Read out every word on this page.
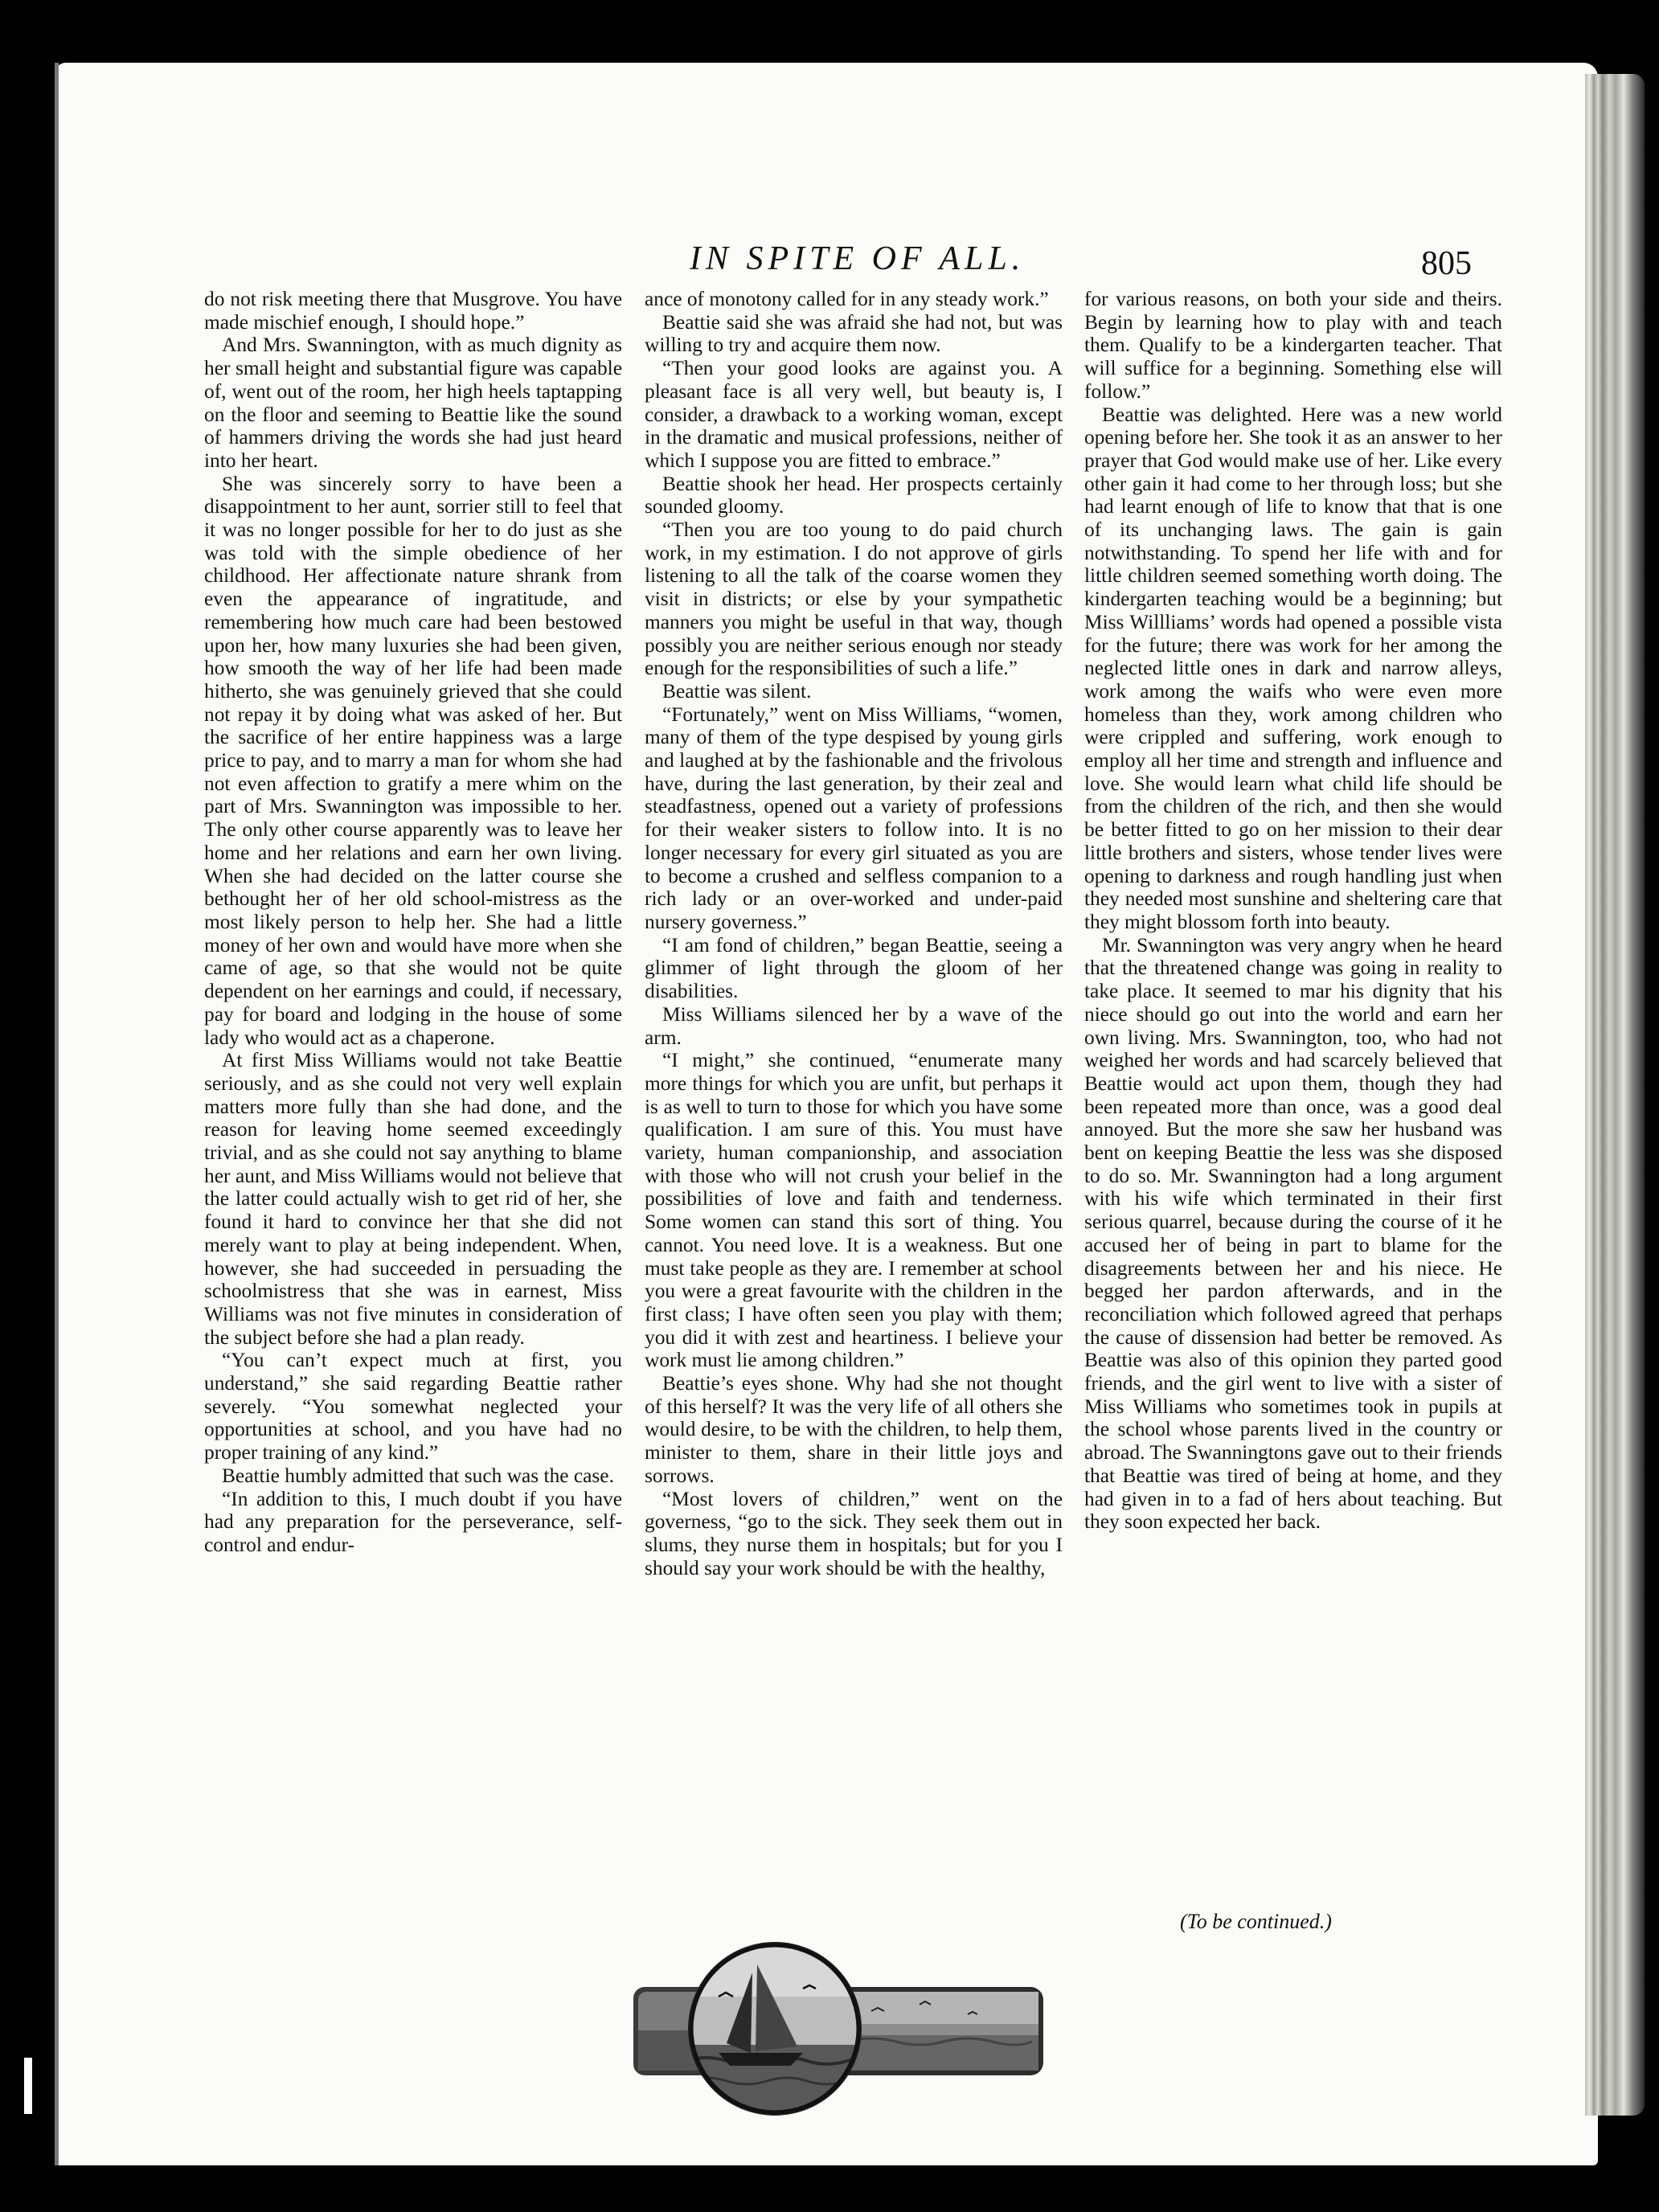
IN SPITE OF ALL.	805

do not risk meeting there that Musgrove. You have made mischief enough, I should hope.”

And Mrs. Swannington, with as much dignity as her small height and substantial figure was capable of, went out of the room, her high heels taptapping on the floor and seeming to Beattie like the sound of hammers driving the words she had just heard into her heart.

She was sincerely sorry to have been a disappointment to her aunt, sorrier still to feel that it was no longer possible for her to do just as she was told with the simple obedience of her childhood. Her affectionate nature shrank from even the appearance of ingratitude, and remembering how much care had been bestowed upon her, how many luxuries she had been given, how smooth the way of her life had been made hitherto, she was genuinely grieved that she could not repay it by doing what was asked of her. But the sacrifice of her entire happiness was a large price to pay, and to marry a man for whom she had not even affection to gratify a mere whim on the part of Mrs. Swannington was impossible to her. The only other course apparently was to leave her home and her relations and earn her own living. When she had decided on the latter course she bethought her of her old school-mistress as the most likely person to help her. She had a little money of her own and would have more when she came of age, so that she would not be quite dependent on her earnings and could, if necessary, pay for board and lodging in the house of some lady who would act as a chaperone.

At first Miss Williams would not take Beattie seriously, and as she could not very well explain matters more fully than she had done, and the reason for leaving home seemed exceedingly trivial, and as she could not say anything to blame her aunt, and Miss Williams would not believe that the latter could actually wish to get rid of her, she found it hard to convince her that she did not merely want to play at being independent. When, however, she had succeeded in persuading the schoolmistress that she was in earnest, Miss Williams was not five minutes in consideration of the subject before she had a plan ready.

“You can’t expect much at first, you understand,” she said regarding Beattie rather severely. “You somewhat neglected your opportunities at school, and you have had no proper training of any kind.”

Beattie humbly admitted that such was the case.

“In addition to this, I much doubt if you have had any preparation for the perseverance, self-control and endur-

ance of monotony called for in any steady work.”

Beattie said she was afraid she had not, but was willing to try and acquire them now.

“Then your good looks are against you. A pleasant face is all very well, but beauty is, I consider, a drawback to a working woman, except in the dramatic and musical professions, neither of which I suppose you are fitted to embrace.”

Beattie shook her head. Her prospects certainly sounded gloomy.

“Then you are too young to do paid church work, in my estimation. I do not approve of girls listening to all the talk of the coarse women they visit in districts; or else by your sympathetic manners you might be useful in that way, though possibly you are neither serious enough nor steady enough for the responsibilities of such a life.”

Beattie was silent.

“Fortunately,” went on Miss Williams, “women, many of them of the type despised by young girls and laughed at by the fashionable and the frivolous have, during the last generation, by their zeal and steadfastness, opened out a variety of professions for their weaker sisters to follow into. It is no longer necessary for every girl situated as you are to become a crushed and selfless companion to a rich lady or an over-worked and under-paid nursery governess.”

“I am fond of children,” began Beattie, seeing a glimmer of light through the gloom of her disabilities.

Miss Williams silenced her by a wave of the arm.

“I might,” she continued, “enumerate many more things for which you are unfit, but perhaps it is as well to turn to those for which you have some qualification. I am sure of this. You must have variety, human companionship, and association with those who will not crush your belief in the possibilities of love and faith and tenderness. Some women can stand this sort of thing. You cannot. You need love. It is a weakness. But one must take people as they are. I remember at school you were a great favourite with the children in the first class; I have often seen you play with them; you did it with zest and heartiness. I believe your work must lie among children.”

Beattie’s eyes shone. Why had she not thought of this herself? It was the very life of all others she would desire, to be with the children, to help them, minister to them, share in their little joys and sorrows.

“Most lovers of children,” went on the governess, “go to the sick. They seek them out in slums, they nurse them in hospitals; but for you I should say your work should be with the healthy,

for various reasons, on both your side and theirs. Begin by learning how to play with and teach them. Qualify to be a kindergarten teacher. That will suffice for a beginning. Something else will follow.”

Beattie was delighted. Here was a new world opening before her. She took it as an answer to her prayer that God would make use of her. Like every other gain it had come to her through loss; but she had learnt enough of life to know that that is one of its unchanging laws. The gain is gain notwithstanding. To spend her life with and for little children seemed something worth doing. The kindergarten teaching would be a beginning; but Miss Willliams’ words had opened a possible vista for the future; there was work for her among the neglected little ones in dark and narrow alleys, work among the waifs who were even more homeless than they, work among children who were crippled and suffering, work enough to employ all her time and strength and influence and love. She would learn what child life should be from the children of the rich, and then she would be better fitted to go on her mission to their dear little brothers and sisters, whose tender lives were opening to darkness and rough handling just when they needed most sunshine and sheltering care that they might blossom forth into beauty.

Mr. Swannington was very angry when he heard that the threatened change was going in reality to take place. It seemed to mar his dignity that his niece should go out into the world and earn her own living. Mrs. Swannington, too, who had not weighed her words and had scarcely believed that Beattie would act upon them, though they had been repeated more than once, was a good deal annoyed. But the more she saw her husband was bent on keeping Beattie the less was she disposed to do so. Mr. Swannington had a long argument with his wife which terminated in their first serious quarrel, because during the course of it he accused her of being in part to blame for the disagreements between her and his niece. He begged her pardon afterwards, and in the reconciliation which followed agreed that perhaps the cause of dissension had better be removed. As Beattie was also of this opinion they parted good friends, and the girl went to live with a sister of Miss Williams who sometimes took in pupils at the school whose parents lived in the country or abroad. The Swanningtons gave out to their friends that Beattie was tired of being at home, and they had given in to a fad of hers about teaching. But they soon expected her back.

(To be continued.)
